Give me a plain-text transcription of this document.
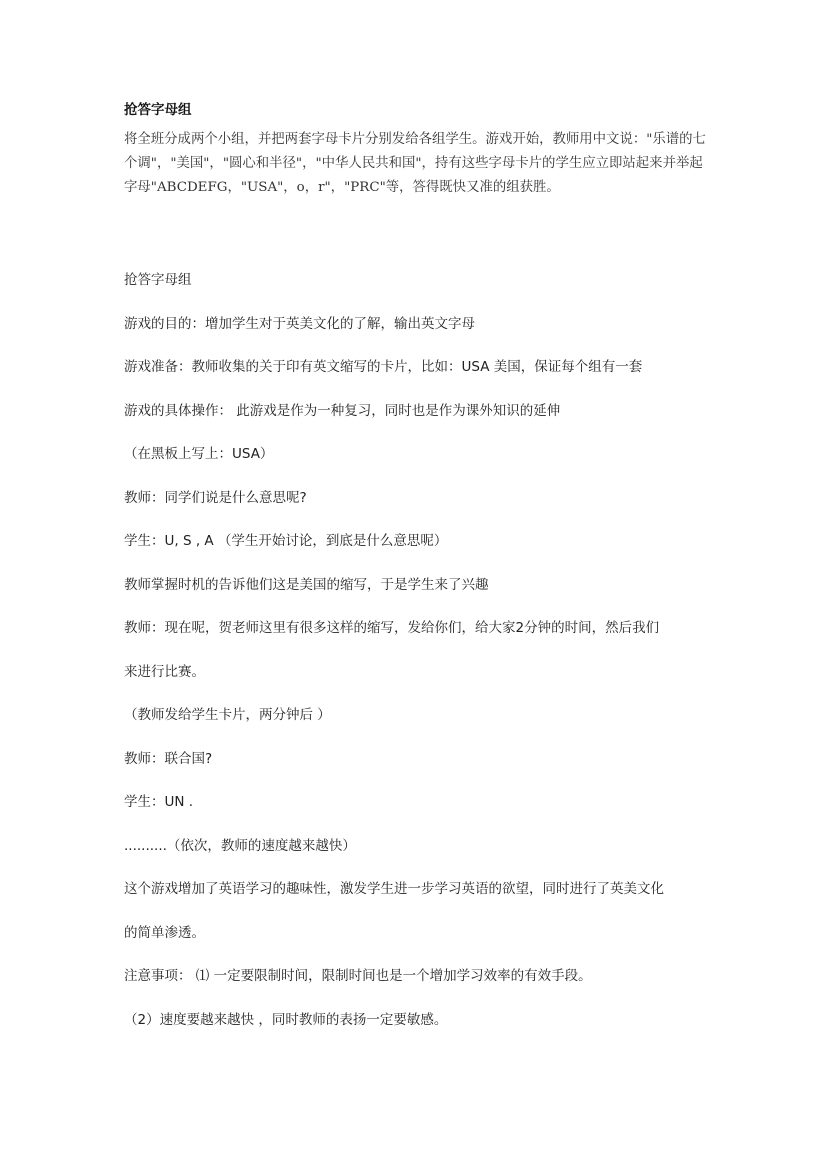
抢答字母组

将全班分成两个小组，并把两套字母卡片分别发给各组学生。游戏开始，教师用中文说："乐谱的七个调"，"美国"，"圆心和半径"，"中华人民共和国"，持有这些字母卡片的学生应立即站起来并举起字母"ABCDEFG，"USA"，o，r"，"PRC"等，答得既快又准的组获胜。

抢答字母组
游戏的目的：增加学生对于英美文化的了解，输出英文字母
游戏准备：教师收集的关于印有英文缩写的卡片，比如：USA 美国，保证每个组有一套
游戏的具体操作： 此游戏是作为一种复习，同时也是作为课外知识的延伸
（在黑板上写上：USA）
教师：同学们说是什么意思呢?
学生：U, S , A （学生开始讨论，到底是什么意思呢）
教师掌握时机的告诉他们这是美国的缩写，于是学生来了兴趣
教师：现在呢，贺老师这里有很多这样的缩写，发给你们，给大家2分钟的时间，然后我们
来进行比赛。
（教师发给学生卡片，两分钟后 ）
教师：联合国?
学生：UN .
..........（依次，教师的速度越来越快）
这个游戏增加了英语学习的趣味性，激发学生进一步学习英语的欲望，同时进行了英美文化
的简单渗透。
注意事项： ⑴ 一定要限制时间，限制时间也是一个增加学习效率的有效手段。
（2）速度要越来越快 ，同时教师的表扬一定要敏感。
